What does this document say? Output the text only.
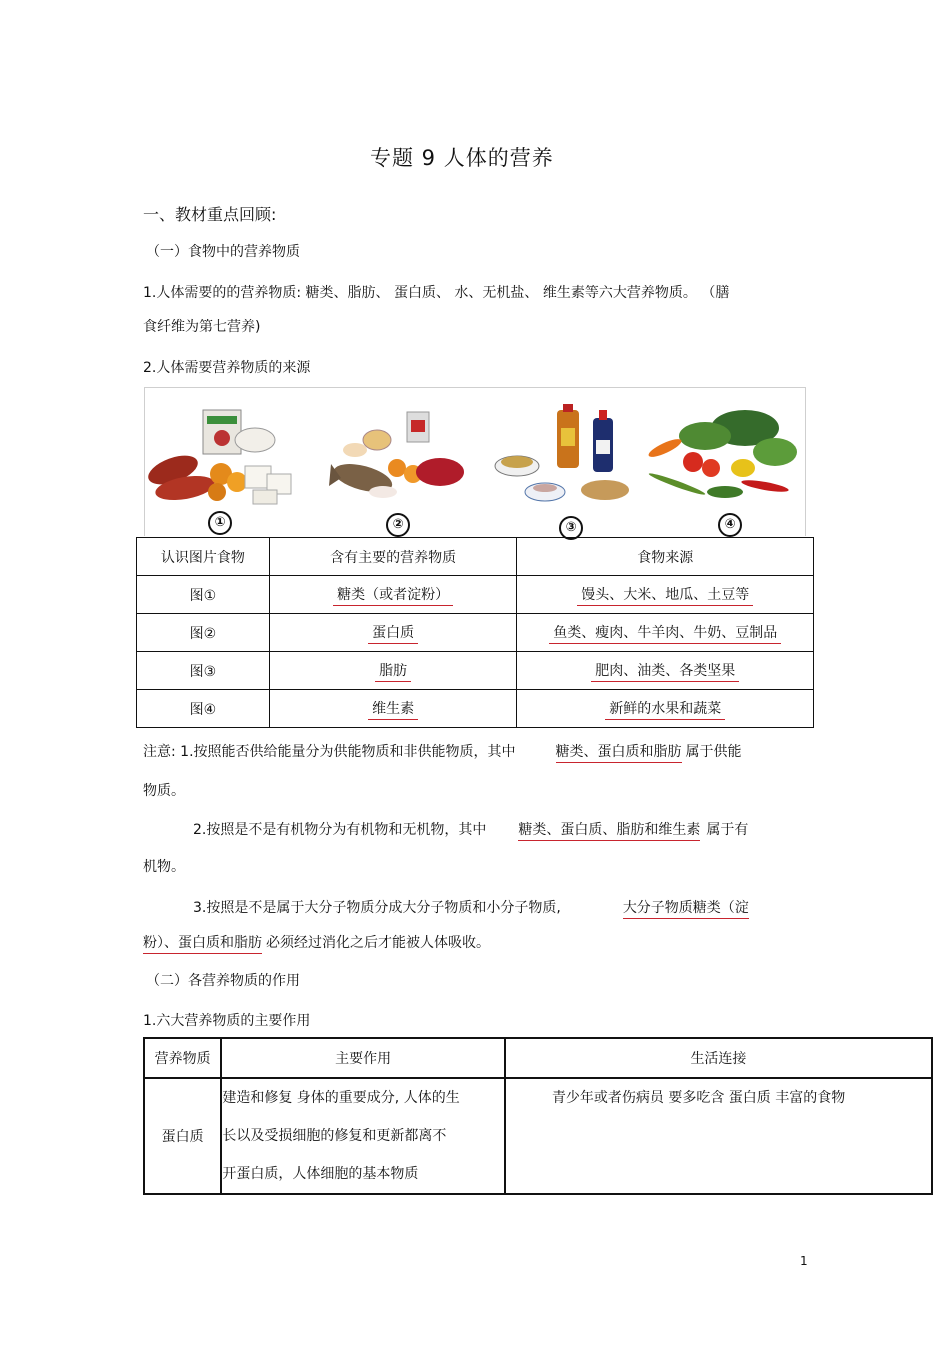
专题 9 人体的营养
一、教材重点回顾:
（一）食物中的营养物质
1.人体需要的的营养物质: 糖类、脂肪、 蛋白质、 水、无机盐、 维生素等六大营养物质。 （膳
食纤维为第七营养)
2.人体需要营养物质的来源
①	②	③	④
认识图片食物	含有主要的营养物质	食物来源
图①	糖类（或者淀粉）	馒头、大米、地瓜、土豆等
图②	蛋白质	鱼类、瘦肉、牛羊肉、牛奶、豆制品
图③	脂肪	肥肉、油类、各类坚果
图④	维生素	新鲜的水果和蔬菜
注意: 1.按照能否供给能量分为供能物质和非供能物质，其中	糖类、蛋白质和脂肪 属于供能
物质。
2.按照是不是有机物分为有机物和无机物，其中 糖类、蛋白质、脂肪和维生素 属于有
机物。
3.按照是不是属于大分子物质分成大分子物质和小分子物质,	大分子物质糖类（淀
粉）、蛋白质和脂肪 必须经过消化之后才能被人体吸收。
（二）各营养物质的作用
1.六大营养物质的主要作用
营养物质	主要作用	生活连接
蛋白质	建造和修复 身体的重要成分, 人体的生
长以及受损细胞的修复和更新都离不
开蛋白质，人体细胞的基本物质	青少年或者伤病员 要多吃含 蛋白质 丰富的食物
1
